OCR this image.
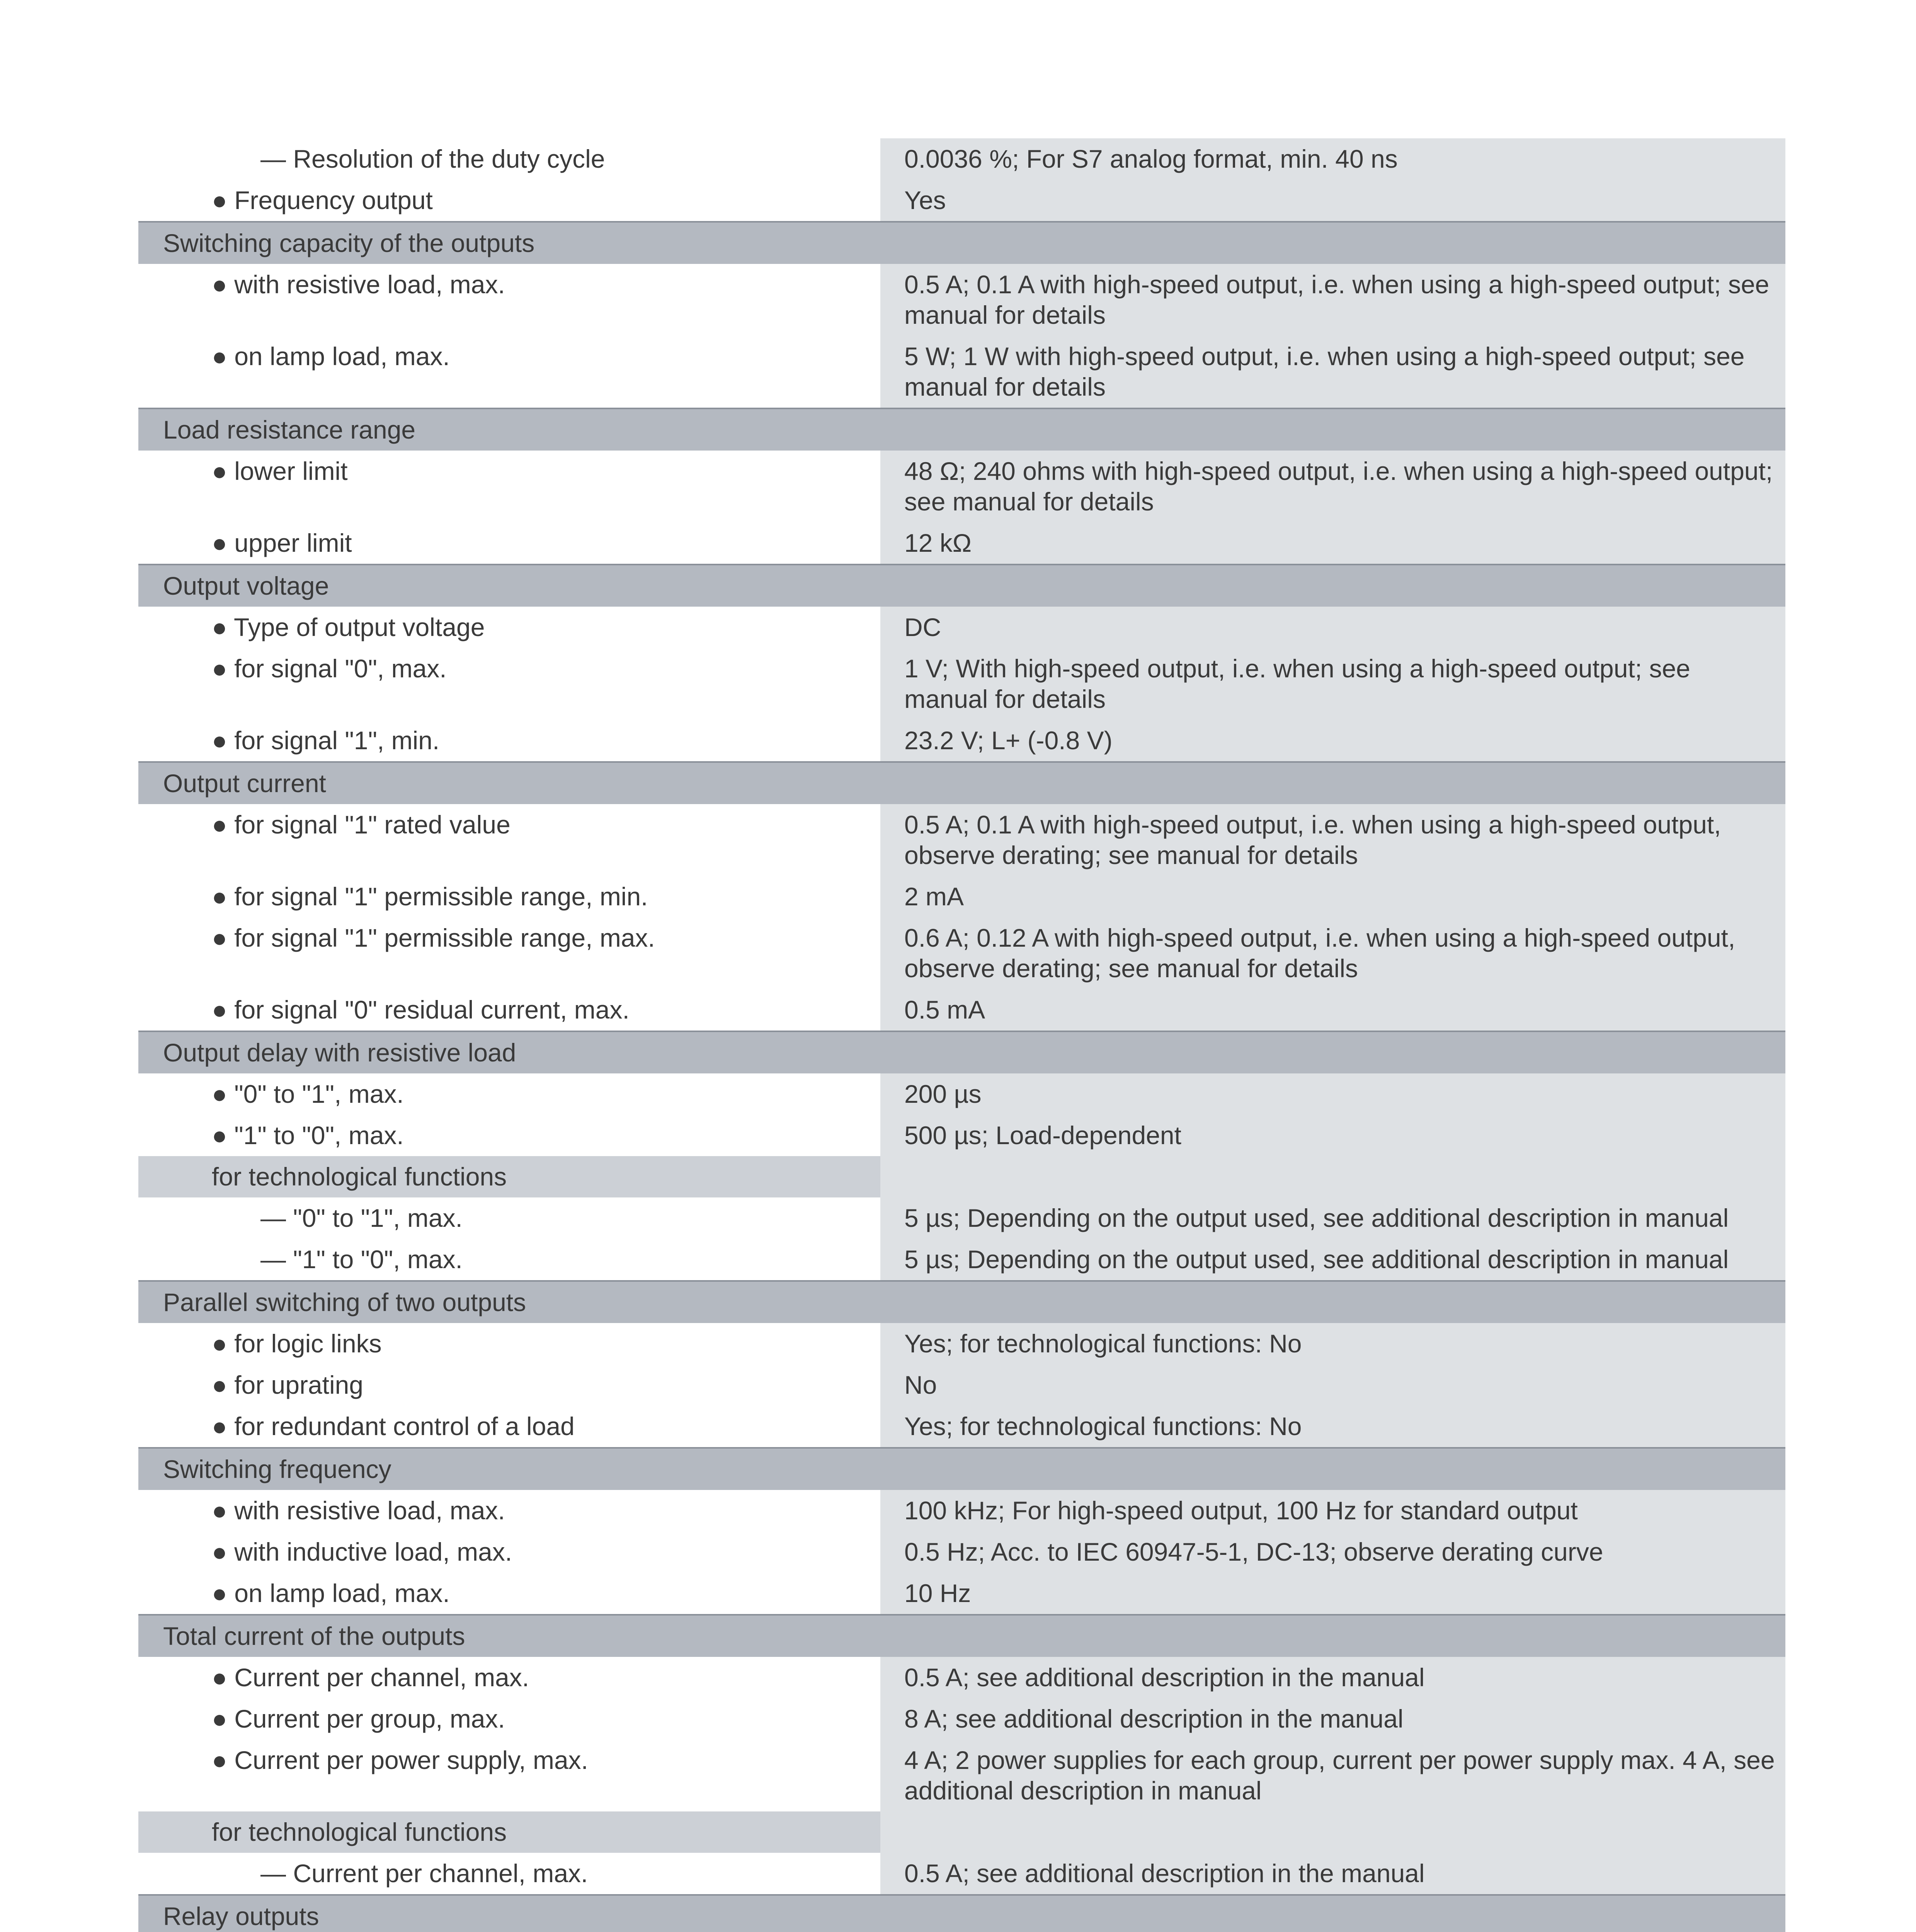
— Resolution of the duty cycle	0.0036 %; For S7 analog format, min. 40 ns
● Frequency output	Yes
Switching capacity of the outputs
● with resistive load, max.	0.5 A; 0.1 A with high-speed output, i.e. when using a high-speed output; see manual for details
● on lamp load, max.	5 W; 1 W with high-speed output, i.e. when using a high-speed output; see manual for details
Load resistance range
● lower limit	48 Ω; 240 ohms with high-speed output, i.e. when using a high-speed output; see manual for details
● upper limit	12 kΩ
Output voltage
● Type of output voltage	DC
● for signal "0", max.	1 V; With high-speed output, i.e. when using a high-speed output; see manual for details
● for signal "1", min.	23.2 V; L+ (-0.8 V)
Output current
● for signal "1" rated value	0.5 A; 0.1 A with high-speed output, i.e. when using a high-speed output, observe derating; see manual for details
● for signal "1" permissible range, min.	2 mA
● for signal "1" permissible range, max.	0.6 A; 0.12 A with high-speed output, i.e. when using a high-speed output, observe derating; see manual for details
● for signal "0" residual current, max.	0.5 mA
Output delay with resistive load
● "0" to "1", max.	200 µs
● "1" to "0", max.	500 µs; Load-dependent
for technological functions
— "0" to "1", max.	5 µs; Depending on the output used, see additional description in manual
— "1" to "0", max.	5 µs; Depending on the output used, see additional description in manual
Parallel switching of two outputs
● for logic links	Yes; for technological functions: No
● for uprating	No
● for redundant control of a load	Yes; for technological functions: No
Switching frequency
● with resistive load, max.	100 kHz; For high-speed output, 100 Hz for standard output
● with inductive load, max.	0.5 Hz; Acc. to IEC 60947-5-1, DC-13; observe derating curve
● on lamp load, max.	10 Hz
Total current of the outputs
● Current per channel, max.	0.5 A; see additional description in the manual
● Current per group, max.	8 A; see additional description in the manual
● Current per power supply, max.	4 A; 2 power supplies for each group, current per power supply max. 4 A, see additional description in manual
for technological functions
— Current per channel, max.	0.5 A; see additional description in the manual
Relay outputs
